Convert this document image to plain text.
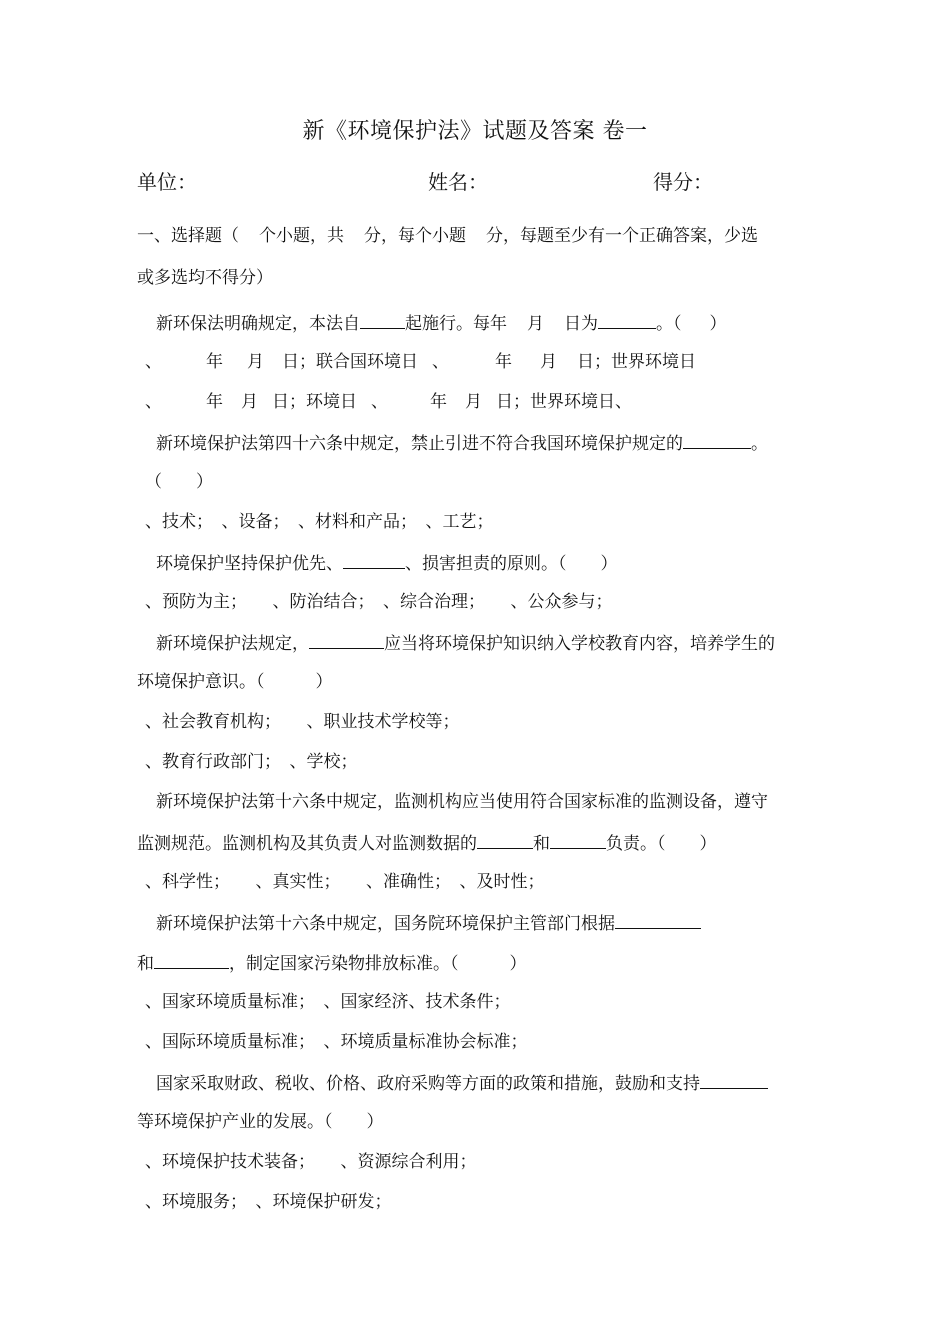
新《环境保护法》试题及答案 卷一
单位：	姓名：	得分：
一、选择题（ 个小题，共 分，每个小题 分，每题至少有一个正确答案，少选
或多选均不得分）
新环保法明确规定，本法自	起施行。每年 月 日为	。（ ）
、	年 月 日；联合国环境日 、	年 月 日；世界环境日
、	年 月 日；环境日 、 年 月 日；世界环境日、
新环境保护法第四十六条中规定，禁止引进不符合我国环境保护规定的	。
（　　）
、技术；　、设备；　、材料和产品；　、工艺；
环境保护坚持保护优先、	、损害担责的原则。（　　）
、预防为主；　　、防治结合；　、综合治理；　　、公众参与；
新环境保护法规定，	应当将环境保护知识纳入学校教育内容，培养学生的
环境保护意识。（　　　）
、社会教育机构；　　、职业技术学校等；
、教育行政部门；　、学校；
新环境保护法第十六条中规定，监测机构应当使用符合国家标准的监测设备，遵守
监测规范。监测机构及其负责人对监测数据的	和	负责。（　　）
、科学性；　　、真实性；　　、准确性；　、及时性；
新环境保护法第十六条中规定，国务院环境保护主管部门根据
和	，制定国家污染物排放标准。（　　　）
、国家环境质量标准；　、国家经济、技术条件；
、国际环境质量标准；　、环境质量标准协会标准；
国家采取财政、税收、价格、政府采购等方面的政策和措施，鼓励和支持
等环境保护产业的发展。（　　）
、环境保护技术装备；　　、资源综合利用；
、环境服务；　、环境保护研发；
